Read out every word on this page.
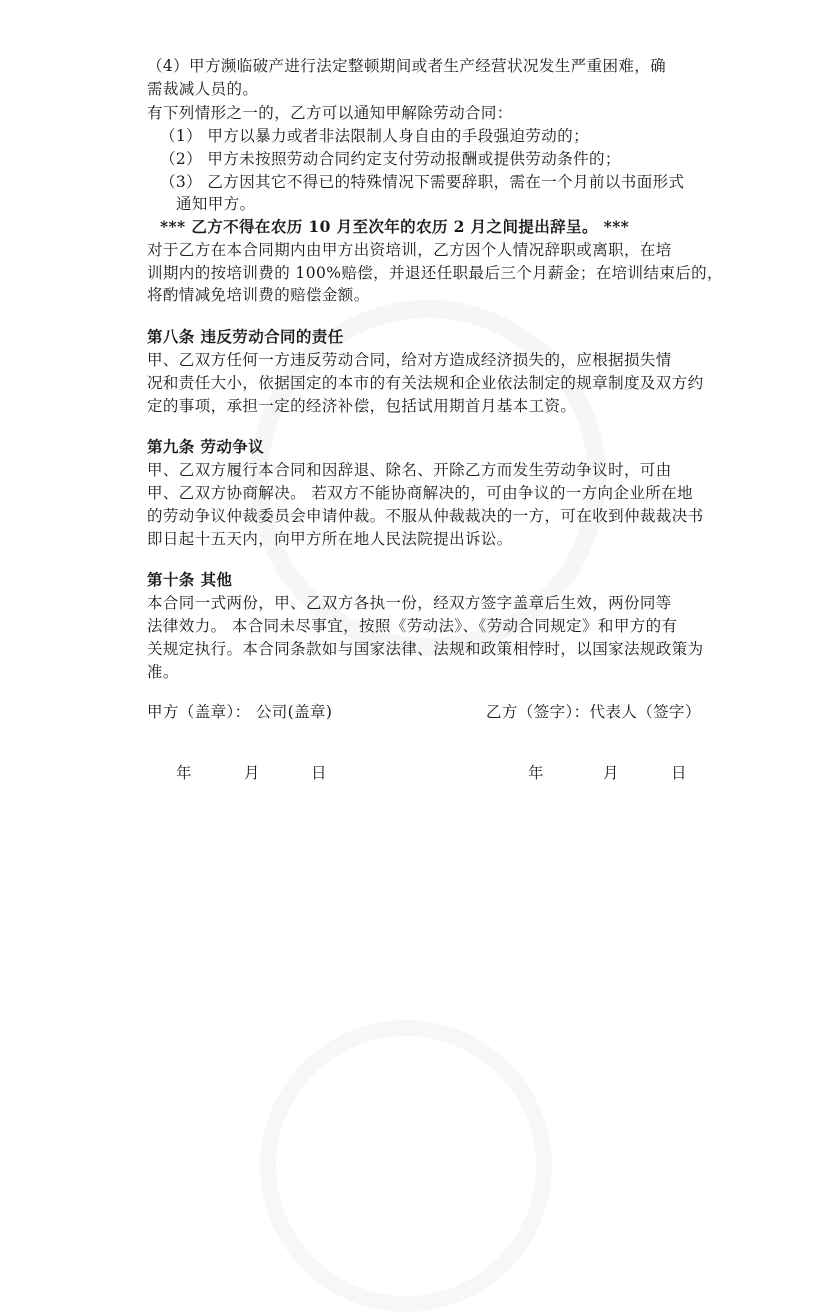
（4）甲方濒临破产进行法定整顿期间或者生产经营状况发生严重困难，确
需裁减人员的。
有下列情形之一的，乙方可以通知甲解除劳动合同：
（1） 甲方以暴力或者非法限制人身自由的手段强迫劳动的；
（2） 甲方未按照劳动合同约定支付劳动报酬或提供劳动条件的；
（3） 乙方因其它不得已的特殊情况下需要辞职，需在一个月前以书面形式
通知甲方。
*** 乙方不得在农历 10 月至次年的农历 2 月之间提出辞呈。 ***
对于乙方在本合同期内由甲方出资培训，乙方因个人情况辞职或离职，在培
训期内的按培训费的 100%赔偿，并退还任职最后三个月薪金；在培训结束后的，
将酌情减免培训费的赔偿金额。
第八条 违反劳动合同的责任
甲、乙双方任何一方违反劳动合同，给对方造成经济损失的，应根据损失情
况和责任大小，依据国定的本市的有关法规和企业依法制定的规章制度及双方约
定的事项，承担一定的经济补偿，包括试用期首月基本工资。
第九条 劳动争议
甲、乙双方履行本合同和因辞退、除名、开除乙方而发生劳动争议时，可由
甲、乙双方协商解决。 若双方不能协商解决的，可由争议的一方向企业所在地
的劳动争议仲裁委员会申请仲裁。不服从仲裁裁决的一方，可在收到仲裁裁决书
即日起十五天内，向甲方所在地人民法院提出诉讼。
第十条 其他
本合同一式两份，甲、乙双方各执一份，经双方签字盖章后生效，两份同等
法律效力。 本合同未尽事宜，按照《劳动法》、《劳动合同规定》和甲方的有
关规定执行。本合同条款如与国家法律、法规和政策相悖时，以国家法规政策为
准。
甲方（盖章）： 公司(盖章)	乙方（签字）：代表人（签字）
年	月	日	年	月	日
